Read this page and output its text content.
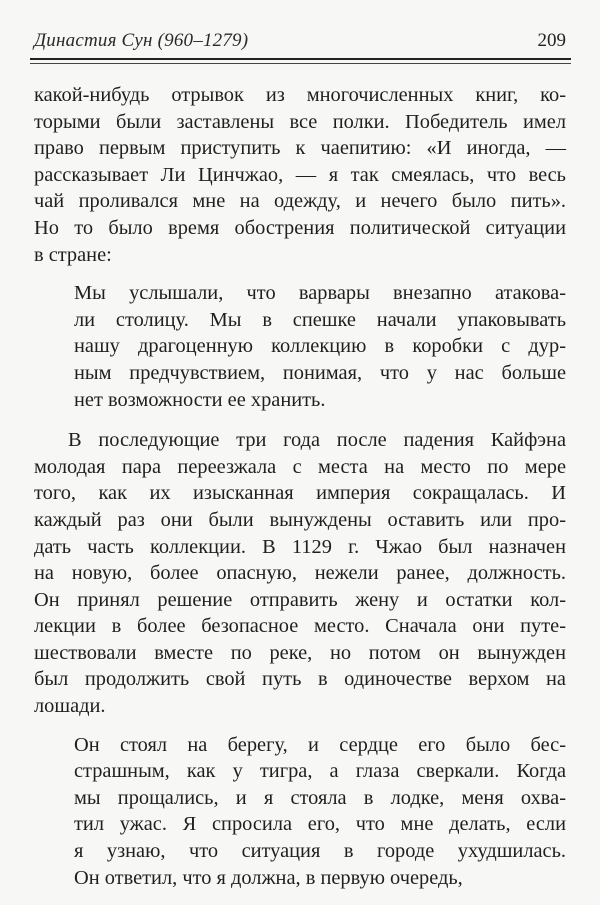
Династия Сун (960–1279)	209
какой-нибудь отрывок из многочисленных книг, ко-
торыми были заставлены все полки. Победитель имел
право первым приступить к чаепитию: «И иногда, —
рассказывает Ли Цинчжао, — я так смеялась, что весь
чай проливался мне на одежду, и нечего было пить».
Но то было время обострения политической ситуации
в стране:
Мы услышали, что варвары внезапно атакова-
ли столицу. Мы в спешке начали упаковывать
нашу драгоценную коллекцию в коробки с дур-
ным предчувствием, понимая, что у нас больше
нет возможности ее хранить.
В последующие три года после падения Кайфэна
молодая пара переезжала с места на место по мере
того, как их изысканная империя сокращалась. И
каждый раз они были вынуждены оставить или про-
дать часть коллекции. В 1129 г. Чжао был назначен
на новую, более опасную, нежели ранее, должность.
Он принял решение отправить жену и остатки кол-
лекции в более безопасное место. Сначала они путе-
шествовали вместе по реке, но потом он вынужден
был продолжить свой путь в одиночестве верхом на
лошади.
Он стоял на берегу, и сердце его было бес-
страшным, как у тигра, а глаза сверкали. Когда
мы прощались, и я стояла в лодке, меня охва-
тил ужас. Я спросила его, что мне делать, если
я узнаю, что ситуация в городе ухудшилась.
Он ответил, что я должна, в первую очередь,
